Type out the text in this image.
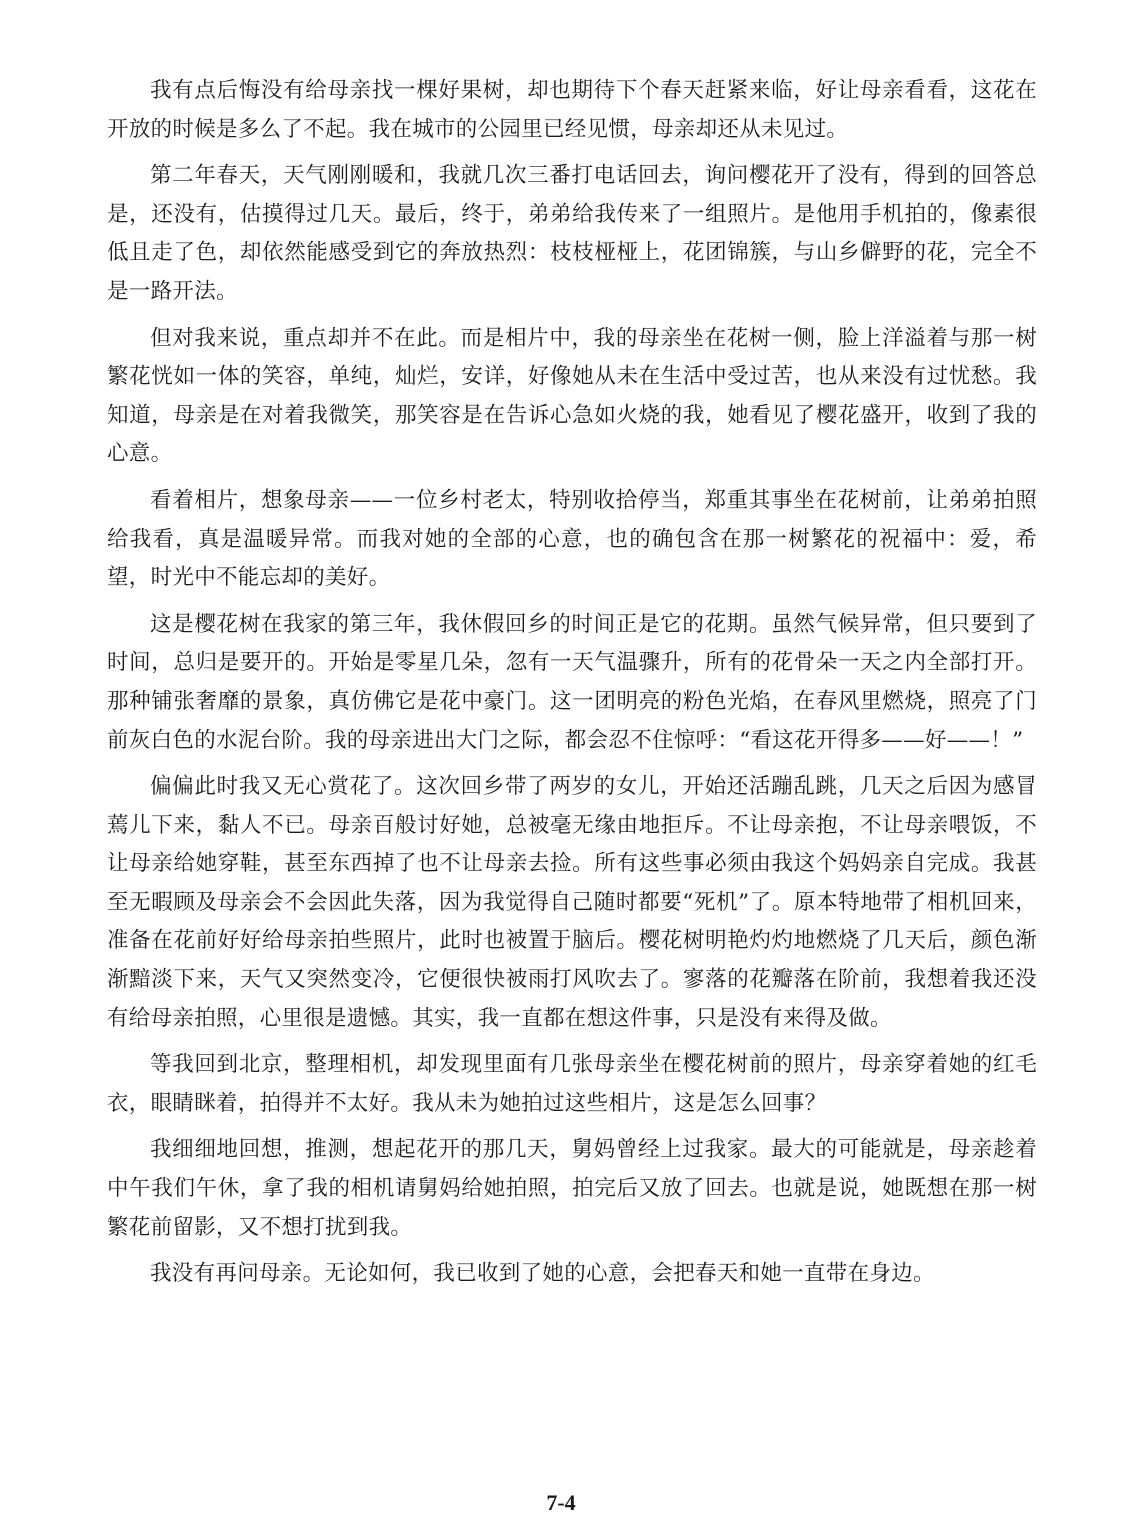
我有点后悔没有给母亲找一棵好果树，却也期待下个春天赶紧来临，好让母亲看看，这花在开放的时候是多么了不起。我在城市的公园里已经见惯，母亲却还从未见过。

第二年春天，天气刚刚暖和，我就几次三番打电话回去，询问樱花开了没有，得到的回答总是，还没有，估摸得过几天。最后，终于，弟弟给我传来了一组照片。是他用手机拍的，像素很低且走了色，却依然能感受到它的奔放热烈：枝枝桠桠上，花团锦簇，与山乡僻野的花，完全不是一路开法。

但对我来说，重点却并不在此。而是相片中，我的母亲坐在花树一侧，脸上洋溢着与那一树繁花恍如一体的笑容，单纯，灿烂，安详，好像她从未在生活中受过苦，也从来没有过忧愁。我知道，母亲是在对着我微笑，那笑容是在告诉心急如火烧的我，她看见了樱花盛开，收到了我的心意。

看着相片，想象母亲——一位乡村老太，特别收拾停当，郑重其事坐在花树前，让弟弟拍照给我看，真是温暖异常。而我对她的全部的心意，也的确包含在那一树繁花的祝福中：爱，希望，时光中不能忘却的美好。

这是樱花树在我家的第三年，我休假回乡的时间正是它的花期。虽然气候异常，但只要到了时间，总归是要开的。开始是零星几朵，忽有一天气温骤升，所有的花骨朵一天之内全部打开。那种铺张奢靡的景象，真仿佛它是花中豪门。这一团明亮的粉色光焰，在春风里燃烧，照亮了门前灰白色的水泥台阶。我的母亲进出大门之际，都会忍不住惊呼：“看这花开得多——好——！”

偏偏此时我又无心赏花了。这次回乡带了两岁的女儿，开始还活蹦乱跳，几天之后因为感冒蔫儿下来，黏人不已。母亲百般讨好她，总被毫无缘由地拒斥。不让母亲抱，不让母亲喂饭，不让母亲给她穿鞋，甚至东西掉了也不让母亲去捡。所有这些事必须由我这个妈妈亲自完成。我甚至无暇顾及母亲会不会因此失落，因为我觉得自己随时都要“死机”了。原本特地带了相机回来，准备在花前好好给母亲拍些照片，此时也被置于脑后。樱花树明艳灼灼地燃烧了几天后，颜色渐渐黯淡下来，天气又突然变冷，它便很快被雨打风吹去了。寥落的花瓣落在阶前，我想着我还没有给母亲拍照，心里很是遗憾。其实，我一直都在想这件事，只是没有来得及做。

等我回到北京，整理相机，却发现里面有几张母亲坐在樱花树前的照片，母亲穿着她的红毛衣，眼睛眯着，拍得并不太好。我从未为她拍过这些相片，这是怎么回事？

我细细地回想，推测，想起花开的那几天，舅妈曾经上过我家。最大的可能就是，母亲趁着中午我们午休，拿了我的相机请舅妈给她拍照，拍完后又放了回去。也就是说，她既想在那一树繁花前留影，又不想打扰到我。

我没有再问母亲。无论如何，我已收到了她的心意，会把春天和她一直带在身边。

7-4
